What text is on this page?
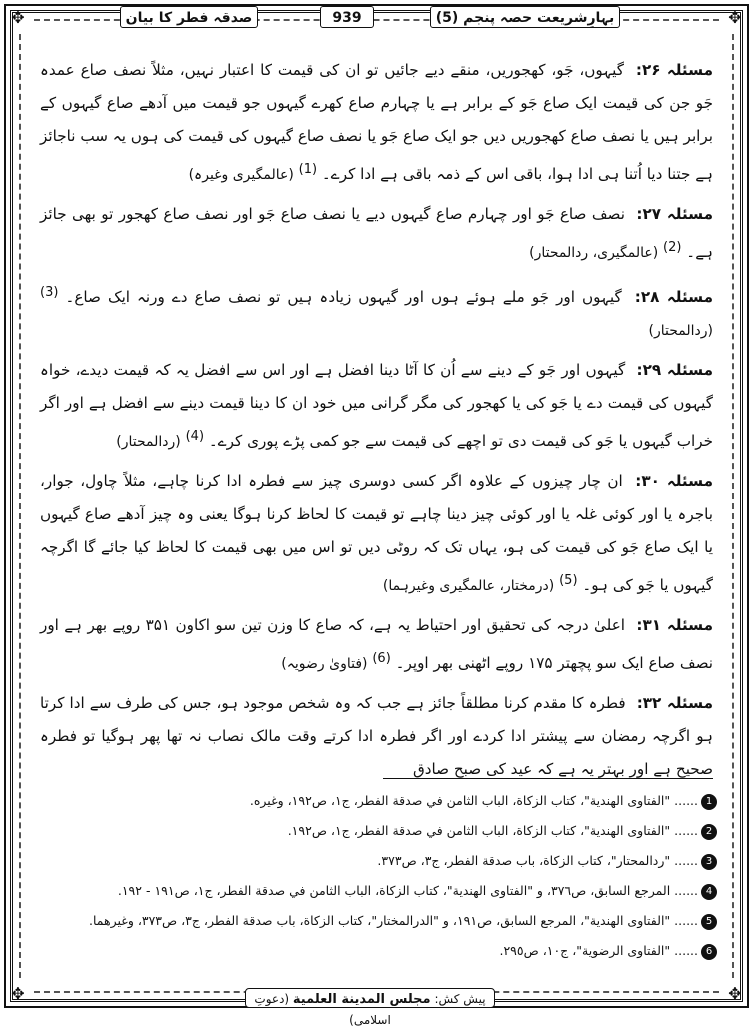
✥	✥
✥	✥
صدقہ فطر کا بیان	939	بہارِشریعت حصہ پنجم (5)

مسئلہ ۲۶: گیہوں، جَو، کھجوریں، منقے دیے جائیں تو ان کی قیمت کا اعتبار نہیں، مثلاً نصف صاع عمدہ جَو جن کی قیمت ایک صاع جَو کے برابر ہے یا چہارم صاع کھرے گیہوں جو قیمت میں آدھے صاع گیہوں کے برابر ہیں یا نصف صاع کھجوریں دیں جو ایک صاع جَو یا نصف صاع گیہوں کی قیمت کی ہوں یہ سب ناجائز ہے جتنا دیا اُتنا ہی ادا ہوا، باقی اس کے ذمہ باقی ہے ادا کرے۔ $^{(1)}$ (عالمگیری وغیرہ)

مسئلہ ۲۷: نصف صاع جَو اور چہارم صاع گیہوں دیے یا نصف صاع جَو اور نصف صاع کھجور تو بھی جائز ہے۔ $^{(2)}$ (عالمگیری، ردالمحتار)

مسئلہ ۲۸: گیہوں اور جَو ملے ہوئے ہوں اور گیہوں زیادہ ہیں تو نصف صاع دے ورنہ ایک صاع۔ $^{(3)}$ (ردالمحتار)

مسئلہ ۲۹: گیہوں اور جَو کے دینے سے اُن کا آٹا دینا افضل ہے اور اس سے افضل یہ کہ قیمت دیدے، خواہ گیہوں کی قیمت دے یا جَو کی یا کھجور کی مگر گرانی میں خود ان کا دینا قیمت دینے سے افضل ہے اور اگر خراب گیہوں یا جَو کی قیمت دی تو اچھے کی قیمت سے جو کمی پڑے پوری کرے۔ $^{(4)}$ (ردالمحتار)

مسئلہ ۳۰: ان چار چیزوں کے علاوہ اگر کسی دوسری چیز سے فطرہ ادا کرنا چاہے، مثلاً چاول، جوار، باجرہ یا اور کوئی غلہ یا اور کوئی چیز دینا چاہے تو قیمت کا لحاظ کرنا ہوگا یعنی وہ چیز آدھے صاع گیہوں یا ایک صاع جَو کی قیمت کی ہو، یہاں تک کہ روٹی دیں تو اس میں بھی قیمت کا لحاظ کیا جائے گا اگرچہ گیہوں یا جَو کی ہو۔ $^{(5)}$ (درمختار، عالمگیری وغیرہما)

مسئلہ ۳۱: اعلیٰ درجہ کی تحقیق اور احتیاط یہ ہے، کہ صاع کا وزن تین سو اکاون ۳۵۱ روپے بھر ہے اور نصف صاع ایک سو پچھتر ۱۷۵ روپے اٹھنی بھر اوپر۔ $^{(6)}$ (فتاویٰ رضویہ)

مسئلہ ۳۲: فطرہ کا مقدم کرنا مطلقاً جائز ہے جب کہ وہ شخص موجود ہو، جس کی طرف سے ادا کرتا ہو اگرچہ رمضان سے پیشتر ادا کردے اور اگر فطرہ ادا کرتے وقت مالک نصاب نہ تھا پھر ہوگیا تو فطرہ صحیح ہے اور بہتر یہ ہے کہ عید کی صبح صادق

1...... "الفتاوى الهندية"، كتاب الزكاة، الباب الثامن في صدقة الفطر، ج١، ص١٩٢، وغيره.
2...... "الفتاوى الهندية"، كتاب الزكاة، الباب الثامن في صدقة الفطر، ج١، ص١٩٢.
3...... "ردالمحتار"، كتاب الزكاة، باب صدقة الفطر، ج٣، ص٣٧٣.
4...... المرجع السابق، ص٣٧٦، و "الفتاوى الهندية"، كتاب الزكاة، الباب الثامن في صدقة الفطر، ج١، ص١٩١ - ١٩٢.
5...... "الفتاوى الهندية"، المرجع السابق، ص١٩١، و "الدرالمختار"، كتاب الزكاة، باب صدقة الفطر، ج٣، ص٣٧٣، وغيرهما.
6...... "الفتاوى الرضوية"، ج١٠، ص٢٩٥.
پیش کش: مجلس المدينة العلمية (دعوتِ اسلامی)
